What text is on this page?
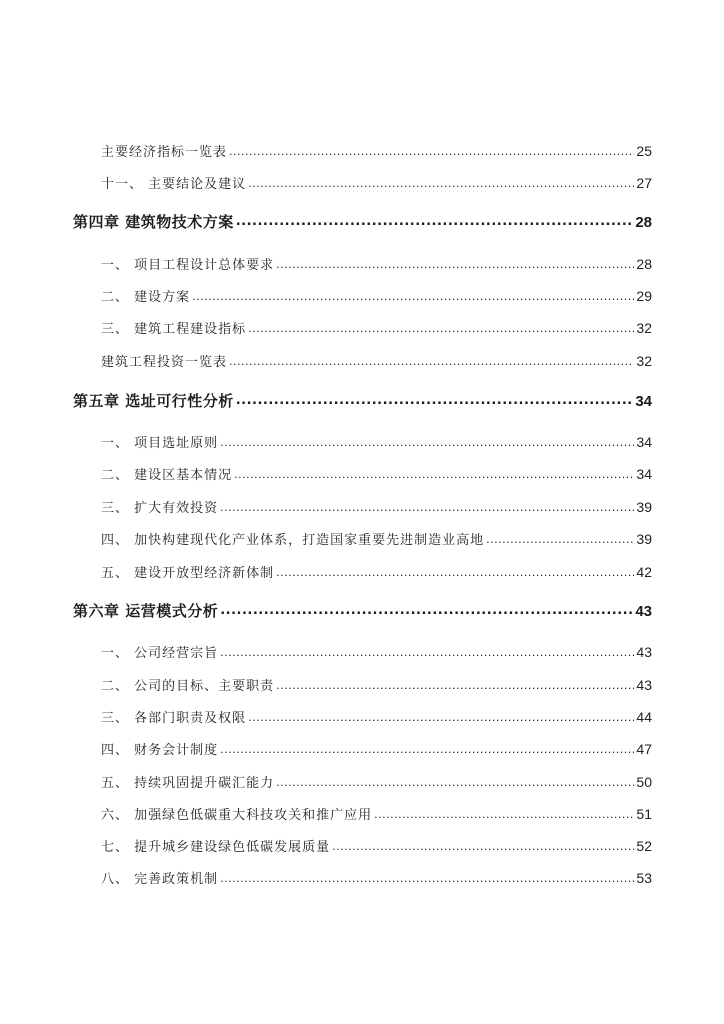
主要经济指标一览表 .....	25
十一、 主要结论及建议 .....	27
第四章 建筑物技术方案 .....	28
一、 项目工程设计总体要求 .....	28
二、 建设方案 .....	29
三、 建筑工程建设指标 .....	32
建筑工程投资一览表 .....	32
第五章 选址可行性分析 .....	34
一、 项目选址原则 .....	34
二、 建设区基本情况 .....	34
三、 扩大有效投资 .....	39
四、 加快构建现代化产业体系，打造国家重要先进制造业高地 .....	39
五、 建设开放型经济新体制 .....	42
第六章 运营模式分析 .....	43
一、 公司经营宗旨 .....	43
二、 公司的目标、主要职责 .....	43
三、 各部门职责及权限 .....	44
四、 财务会计制度 .....	47
五、 持续巩固提升碳汇能力 .....	50
六、 加强绿色低碳重大科技攻关和推广应用 .....	51
七、 提升城乡建设绿色低碳发展质量 .....	52
八、 完善政策机制 .....	53
